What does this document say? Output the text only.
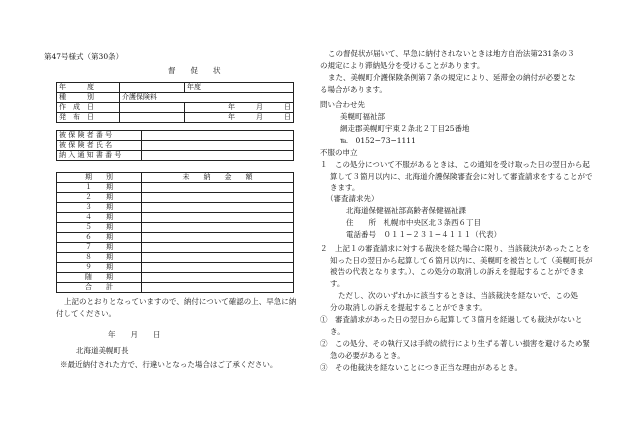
第47号様式（第30条）
督　　促　　状
年　　　度		年度
種　　　別	介護保険料	
作　成　日		年　　　月　　　日
発　布　日		年　　　月　　　日
被 保 険 者 番 号	
被 保 険 者 氏 名	
納 入 通 知 書 番 号	
期　　別	未　　納　　金　　額
１　　期	
２　　期	
３　　期	
４　　期	
５　　期	
６　　期	
７　　期	
８　　期	
９　　期	
随　　期	
合　　計	
上記のとおりとなっていますので、納付について確認の上、早急に納付してください。
年　　月　　日
北海道美幌町長
※最近納付された方で、行違いとなった場合はご了承ください。
この督促状が届いて、早急に納付されないときは地方自治法第231条の３の規定により滞納処分を受けることがあります。
また、美幌町介護保険条例第７条の規定により、延滞金の納付が必要となる場合があります。
問い合わせ先
美幌町福祉部
網走郡美幌町宇東２条北２丁目25番地
℡　0152−73−1111
不服の申立
１　この処分について不服があるときは、この通知を受け取った日の翌日から起算して３箇月以内に、北海道介護保険審査会に対して審査請求をすることができます。
（審査請求先）
北海道保健福祉部高齢者保健福祉課
住　　所　札幌市中央区北３条西６丁目
電話番号　０１１−２３１−４１１１（代表）
２　上記１の審査請求に対する裁決を経た場合に限り、当該裁決があったことを知った日の翌日から起算して６箇月以内に、美幌町を被告として（美幌町長が被告の代表となります。）、この処分の取消しの訴えを提起することができます。
ただし、次のいずれかに該当するときは、当該裁決を経ないで、この処分の取消しの訴えを提起することができます。
①　審査請求があった日の翌日から起算して３箇月を経過しても裁決がないとき。
②　この処分、その執行又は手続の続行により生ずる著しい損害を避けるため緊急の必要があるとき。
③　その他裁決を経ないことにつき正当な理由があるとき。
